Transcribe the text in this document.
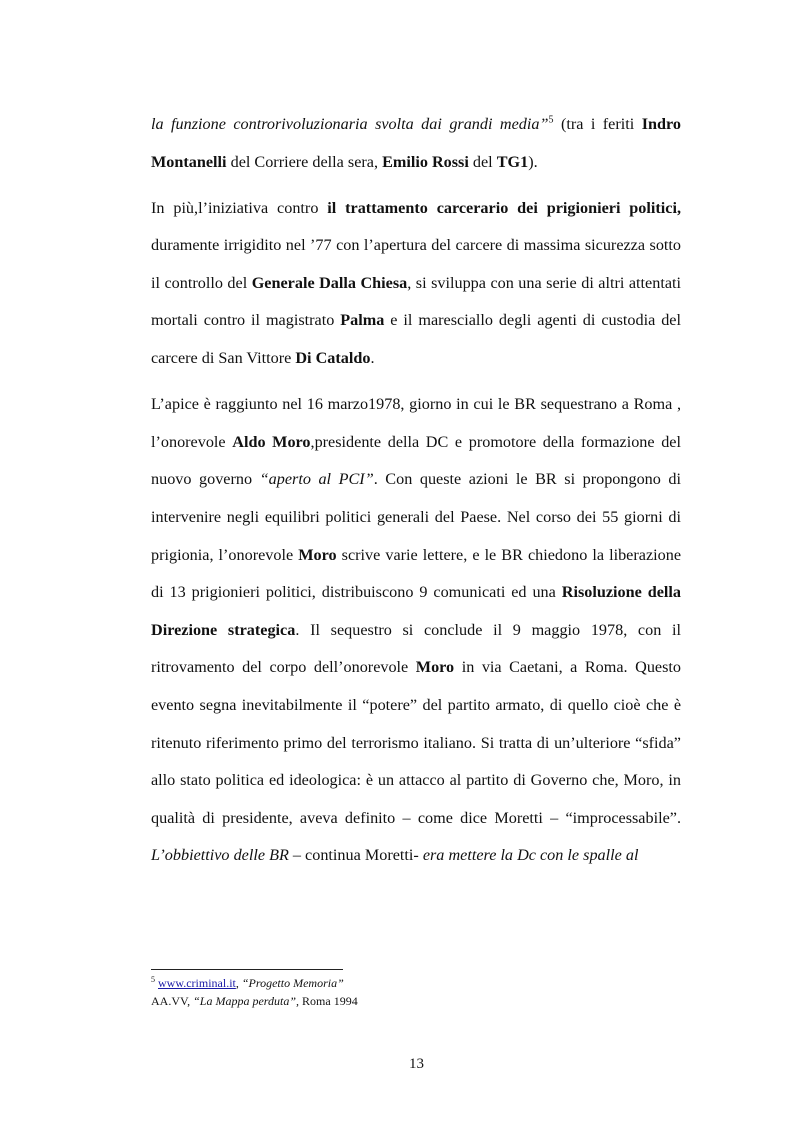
la funzione controrivoluzionaria svolta dai grandi media”$^5$ (tra i feriti Indro Montanelli del Corriere della sera, Emilio Rossi del TG1).

In più,l’iniziativa contro il trattamento carcerario dei prigionieri politici, duramente irrigidito nel ’77 con l’apertura del carcere di massima sicurezza sotto il controllo del Generale Dalla Chiesa, si sviluppa con una serie di altri attentati mortali contro il magistrato Palma e il maresciallo degli agenti di custodia del carcere di San Vittore Di Cataldo.

L’apice è raggiunto nel 16 marzo1978, giorno in cui le BR sequestrano a Roma , l’onorevole Aldo Moro,presidente della DC e promotore della formazione del nuovo governo “aperto al PCI”. Con queste azioni le BR si propongono di intervenire negli equilibri politici generali del Paese. Nel corso dei 55 giorni di prigionia, l’onorevole Moro scrive varie lettere, e le BR chiedono la liberazione di 13 prigionieri politici, distribuiscono 9 comunicati ed una Risoluzione della Direzione strategica. Il sequestro si conclude il 9 maggio 1978, con il ritrovamento del corpo dell’onorevole Moro in via Caetani, a Roma. Questo evento segna inevitabilmente il “potere” del partito armato, di quello cioè che è ritenuto riferimento primo del terrorismo italiano. Si tratta di un’ulteriore “sfida” allo stato politica ed ideologica: è un attacco al partito di Governo che, Moro, in qualità di presidente, aveva definito – come dice Moretti – “improcessabile”. L’obbiettivo delle BR – continua Moretti- era mettere la Dc con le spalle al

$^5$ www.criminal.it, “Progetto Memoria”
AA.VV, “La Mappa perduta”, Roma 1994
13
